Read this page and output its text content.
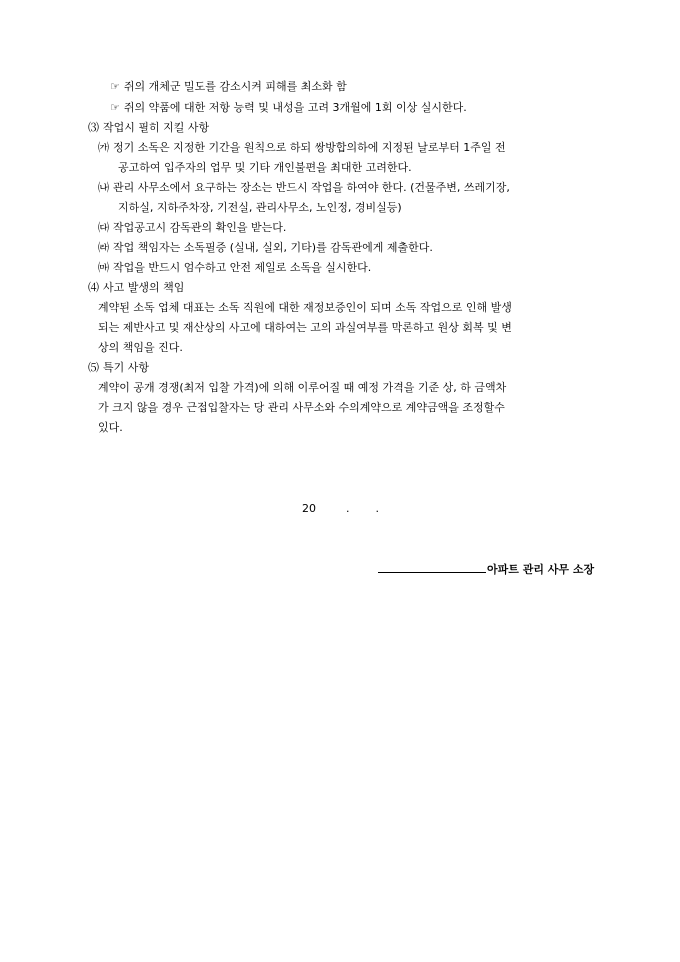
☞ 쥐의 개체군 밀도를 감소시켜 피해를 최소화 함
☞ 쥐의 약품에 대한 저항 능력 및 내성을 고려 3개월에 1회 이상 실시한다.
⑶ 작업시 필히 지킬 사항
㈎ 정기 소독은 지정한 기간을 원칙으로 하되 쌍방합의하에 지정된 날로부터 1주일 전
공고하여 입주자의 업무 및 기타 개인불편을 최대한 고려한다.
㈏ 관리 사무소에서 요구하는 장소는 반드시 작업을 하여야 한다. (건물주변, 쓰레기장,
지하실, 지하주차장, 기전실, 관리사무소, 노인정, 경비실등)
㈐ 작업공고시 감독관의 확인을 받는다.
㈑ 작업 책임자는 소독필증 (실내, 실외, 기타)를 감독관에게 제출한다.
㈒ 작업을 반드시 엄수하고 안전 제일로 소독을 실시한다.
⑷ 사고 발생의 책임
계약된 소독 업체 대표는 소독 직원에 대한 재정보증인이 되며 소독 작업으로 인해 발생
되는 제반사고 및 재산상의 사고에 대하여는 고의 과실여부를 막론하고 원상 회복 및 변
상의 책임을 진다.
⑸ 특기 사항
계약이 공개 경쟁(최저 입찰 가격)에 의해 이루어질 때 예정 가격을 기준 상, 하 금액차
가 크지 않을 경우 근접입찰자는 당 관리 사무소와 수의계약으로 계약금액을 조정할수
있다.
20	. .
아파트 관리 사무 소장
